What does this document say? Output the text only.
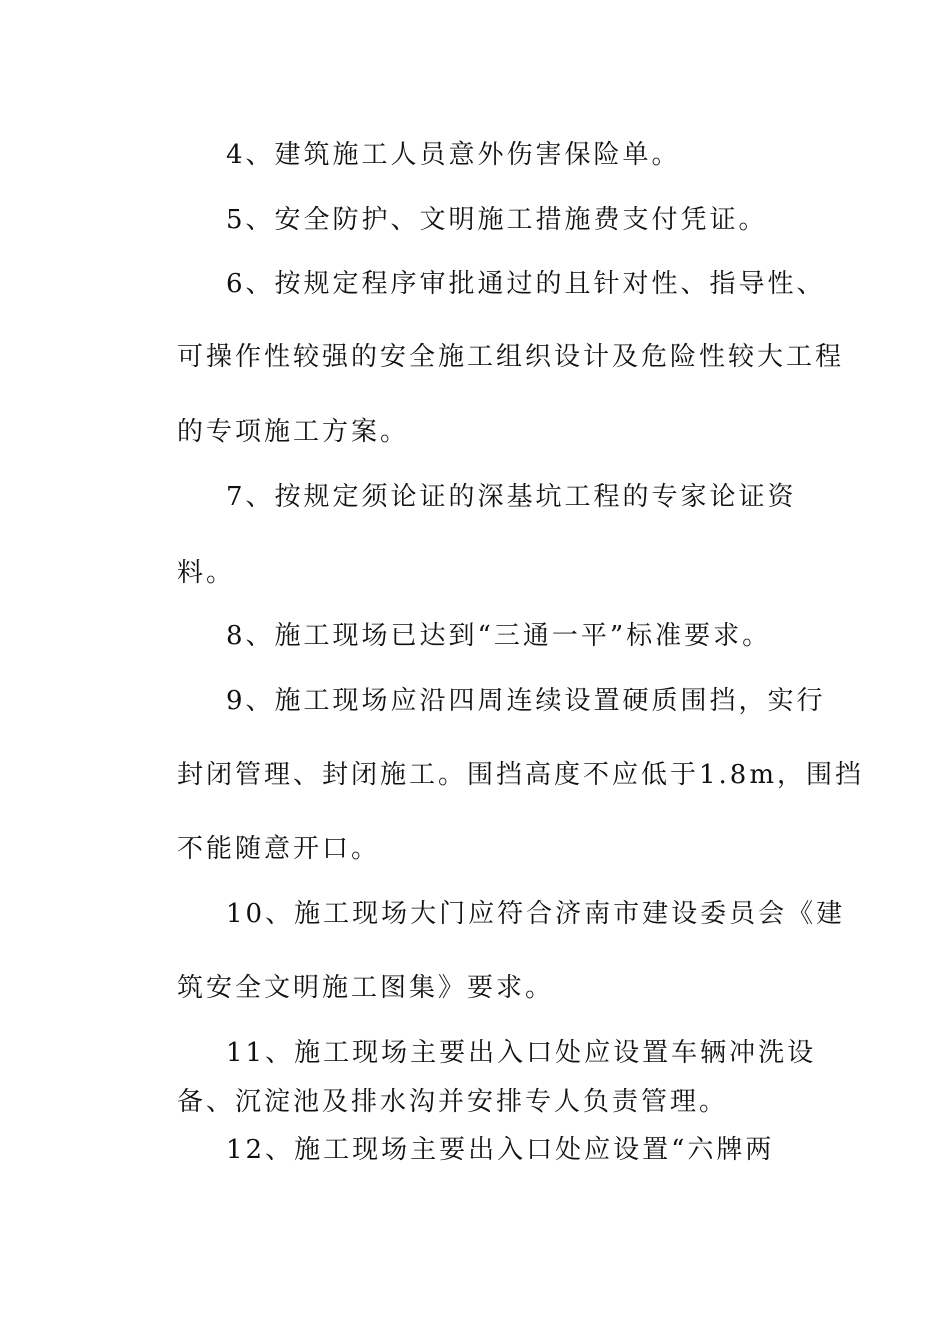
4、建筑施工人员意外伤害保险单。
5、安全防护、文明施工措施费支付凭证。
6、按规定程序审批通过的且针对性、指导性、
可操作性较强的安全施工组织设计及危险性较大工程
的专项施工方案。
7、按规定须论证的深基坑工程的专家论证资
料。
8、施工现场已达到“三通一平”标准要求。
9、施工现场应沿四周连续设置硬质围挡，实行
封闭管理、封闭施工。围挡高度不应低于1.8m，围挡
不能随意开口。
10、施工现场大门应符合济南市建设委员会《建
筑安全文明施工图集》要求。
11、施工现场主要出入口处应设置车辆冲洗设
备、沉淀池及排水沟并安排专人负责管理。
12、施工现场主要出入口处应设置“六牌两
